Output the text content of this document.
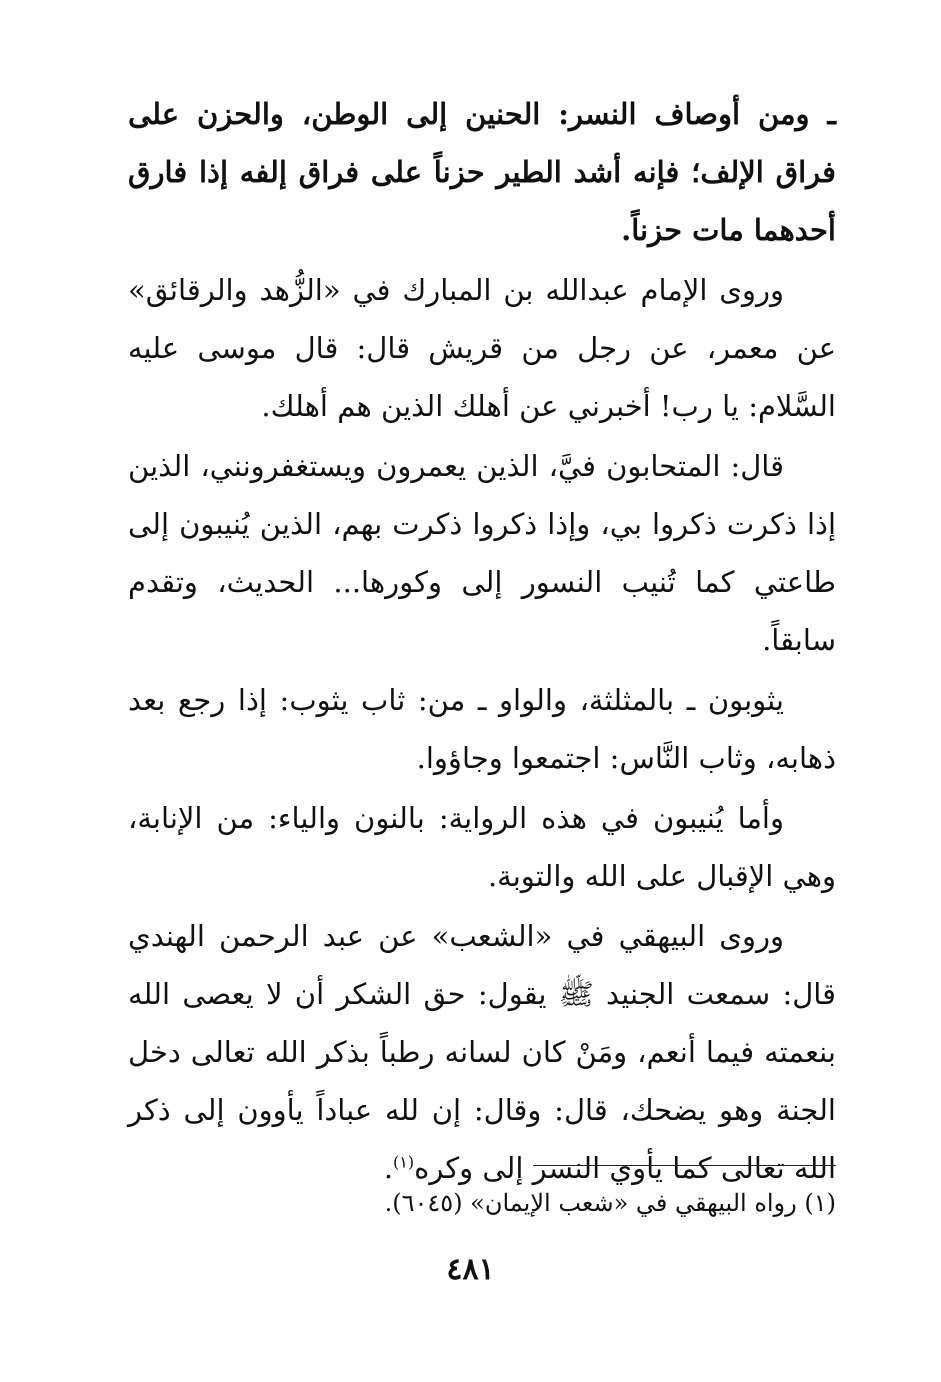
ـ ومن أوصاف النسر: الحنين إلى الوطن، والحزن على فراق الإلف؛ فإنه أشد الطير حزناً على فراق إلفه إذا فارق أحدهما مات حزناً.

وروى الإمام عبدالله بن المبارك في «الزُّهد والرقائق» عن معمر، عن رجل من قريش قال: قال موسى عليه السَّلام: يا رب! أخبرني عن أهلك الذين هم أهلك.

قال: المتحابون فيَّ، الذين يعمرون ويستغفرونني، الذين إذا ذكرت ذكروا بي، وإذا ذكروا ذكرت بهم، الذين يُنيبون إلى طاعتي كما تُنيب النسور إلى وكورها... الحديث، وتقدم سابقاً.

يثوبون ـ بالمثلثة، والواو ـ من: ثاب يثوب: إذا رجع بعد ذهابه، وثاب النَّاس: اجتمعوا وجاؤوا.

وأما يُنيبون في هذه الرواية: بالنون والياء: من الإنابة، وهي الإقبال على الله والتوبة.

وروى البيهقي في «الشعب» عن عبد الرحمن الهندي قال: سمعت الجنيد ﷺ يقول: حق الشكر أن لا يعصى الله بنعمته فيما أنعم، ومَنْ كان لسانه رطباً بذكر الله تعالى دخل الجنة وهو يضحك، قال: وقال: إن لله عباداً يأوون إلى ذكر الله تعالى كما يأوي النسر إلى وكره$^{(١)}$.

(١) رواه البيهقي في «شعب الإيمان» (٦٠٤٥).

٤٨١
